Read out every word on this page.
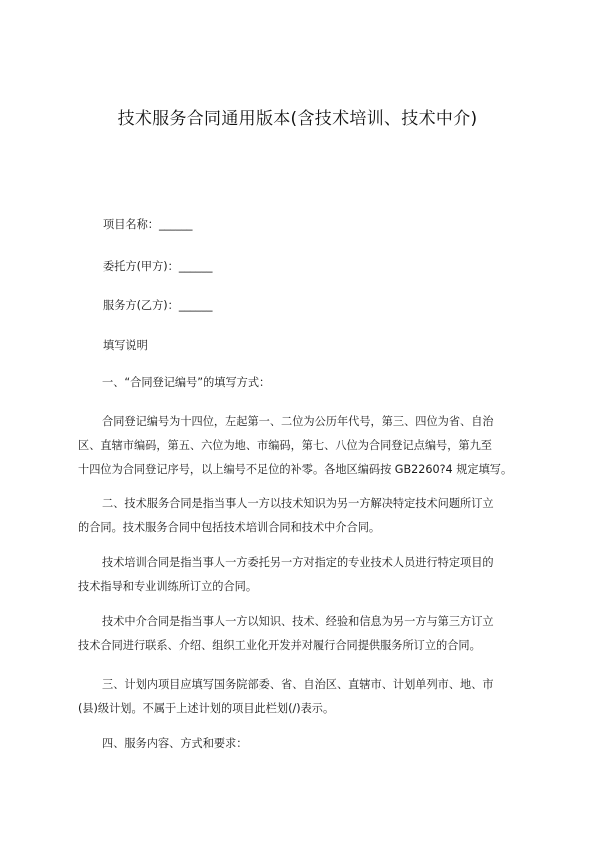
技术服务合同通用版本(含技术培训、技术中介)
项目名称：______
委托方(甲方)：______
服务方(乙方)：______
填写说明
一、“合同登记编号”的填写方式：
合同登记编号为十四位，左起第一、二位为公历年代号，第三、四位为省、自治
区、直辖市编码，第五、六位为地、市编码，第七、八位为合同登记点编号，第九至
十四位为合同登记序号，以上编号不足位的补零。各地区编码按 GB2260?4 规定填写。
二、技术服务合同是指当事人一方以技术知识为另一方解决特定技术问题所订立
的合同。技术服务合同中包括技术培训合同和技术中介合同。
技术培训合同是指当事人一方委托另一方对指定的专业技术人员进行特定项目的
技术指导和专业训练所订立的合同。
技术中介合同是指当事人一方以知识、技术、经验和信息为另一方与第三方订立
技术合同进行联系、介绍、组织工业化开发并对履行合同提供服务所订立的合同。
三、计划内项目应填写国务院部委、省、自治区、直辖市、计划单列市、地、市
(县)级计划。不属于上述计划的项目此栏划(/)表示。
四、服务内容、方式和要求：
